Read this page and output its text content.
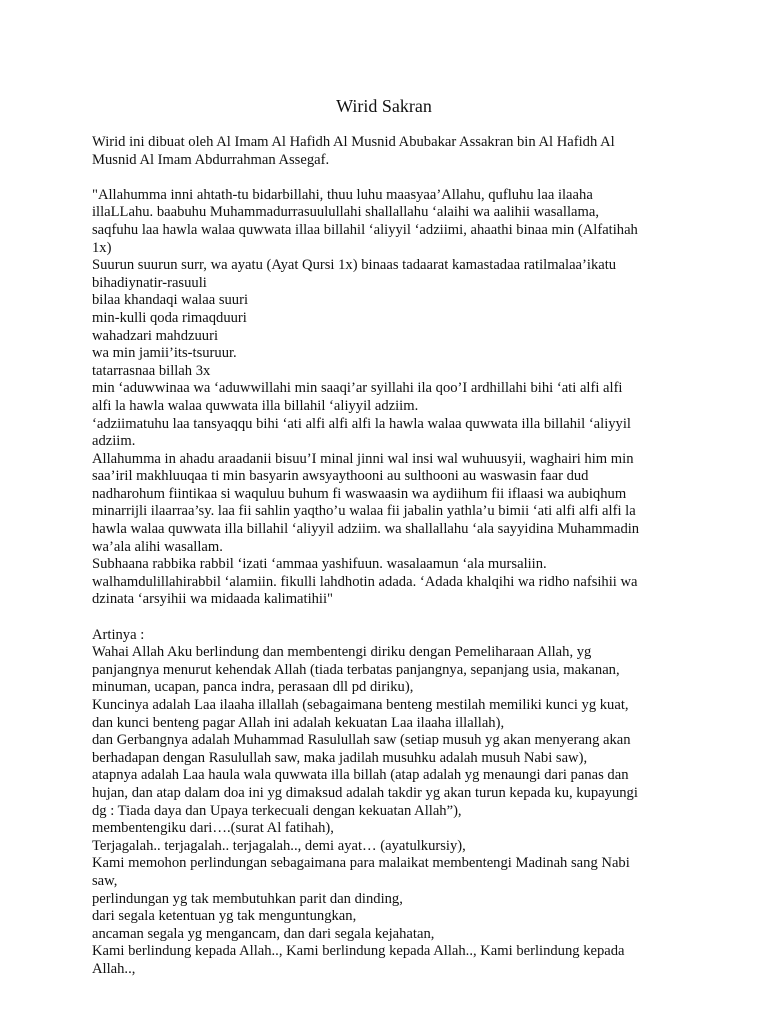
Wirid Sakran
Wirid ini dibuat oleh Al Imam Al Hafidh Al Musnid Abubakar Assakran bin Al Hafidh Al
Musnid Al Imam Abdurrahman Assegaf.
"Allahumma inni ahtath-tu bidarbillahi, thuu luhu maasyaa’Allahu, qufluhu laa ilaaha
illaLLahu. baabuhu Muhammadurrasuulullahi shallallahu ‘alaihi wa aalihii wasallama,
saqfuhu laa hawla walaa quwwata illaa billahil ‘aliyyil ‘adziimi, ahaathi binaa min (Alfatihah
1x)
Suurun suurun surr, wa ayatu (Ayat Qursi 1x) binaas tadaarat kamastadaa ratilmalaa’ikatu
bihadiynatir-rasuuli
bilaa khandaqi walaa suuri
min-kulli qoda rimaqduuri
wahadzari mahdzuuri
wa min jamii’its-tsuruur.
tatarrasnaa billah 3x
min ‘aduwwinaa wa ‘aduwwillahi min saaqi’ar syillahi ila qoo’I ardhillahi bihi ‘ati alfi alfi
alfi la hawla walaa quwwata illa billahil ‘aliyyil adziim.
‘adziimatuhu laa tansyaqqu bihi ‘ati alfi alfi alfi la hawla walaa quwwata illa billahil ‘aliyyil
adziim.
Allahumma in ahadu araadanii bisuu’I minal jinni wal insi wal wuhuusyii, waghairi him min
saa’iril makhluuqaa ti min basyarin awsyaythooni au sulthooni au waswasin faar dud
nadharohum fiintikaa si waquluu buhum fi waswaasin wa aydiihum fii iflaasi wa aubiqhum
minarrijli ilaarraa’sy. laa fii sahlin yaqtho’u walaa fii jabalin yathla’u bimii ‘ati alfi alfi alfi la
hawla walaa quwwata illa billahil ‘aliyyil adziim. wa shallallahu ‘ala sayyidina Muhammadin
wa’ala alihi wasallam.
Subhaana rabbika rabbil ‘izati ‘ammaa yashifuun. wasalaamun ‘ala mursaliin.
walhamdulillahirabbil ‘alamiin. fikulli lahdhotin adada. ‘Adada khalqihi wa ridho nafsihii wa
dzinata ‘arsyihii wa midaada kalimatihii"
Artinya :
Wahai Allah Aku berlindung dan membentengi diriku dengan Pemeliharaan Allah, yg
panjangnya menurut kehendak Allah (tiada terbatas panjangnya, sepanjang usia, makanan,
minuman, ucapan, panca indra, perasaan dll pd diriku),
Kuncinya adalah Laa ilaaha illallah (sebagaimana benteng mestilah memiliki kunci yg kuat,
dan kunci benteng pagar Allah ini adalah kekuatan Laa ilaaha illallah),
dan Gerbangnya adalah Muhammad Rasulullah saw (setiap musuh yg akan menyerang akan
berhadapan dengan Rasulullah saw, maka jadilah musuhku adalah musuh Nabi saw),
atapnya adalah Laa haula wala quwwata illa billah (atap adalah yg menaungi dari panas dan
hujan, dan atap dalam doa ini yg dimaksud adalah takdir yg akan turun kepada ku, kupayungi
dg : Tiada daya dan Upaya terkecuali dengan kekuatan Allah”),
membentengiku dari….(surat Al fatihah),
Terjagalah.. terjagalah.. terjagalah.., demi ayat… (ayatulkursiy),
Kami memohon perlindungan sebagaimana para malaikat membentengi Madinah sang Nabi
saw,
perlindungan yg tak membutuhkan parit dan dinding,
dari segala ketentuan yg tak menguntungkan,
ancaman segala yg mengancam, dan dari segala kejahatan,
Kami berlindung kepada Allah.., Kami berlindung kepada Allah.., Kami berlindung kepada
Allah..,
